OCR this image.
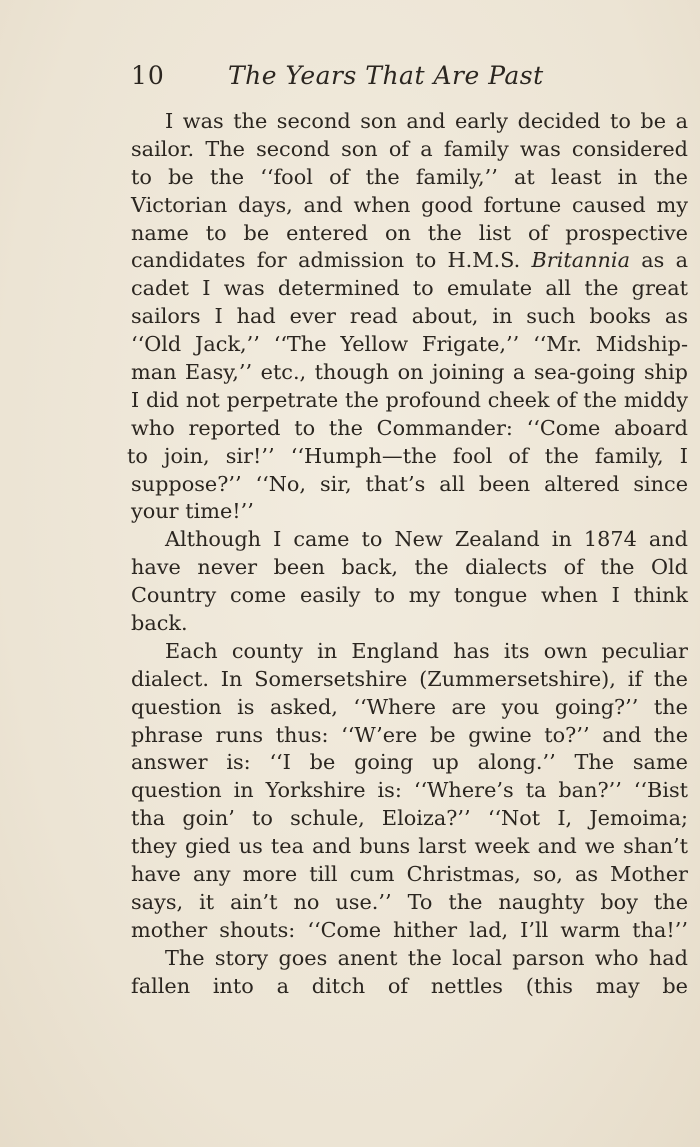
10	The Years That Are Past
I was the second son and early decided to be a
sailor. The second son of a family was considered
to be the ‘‘fool of the family,’’ at least in the
Victorian days, and when good fortune caused my
name to be entered on the list of prospective
candidates for admission to H.M.S. Britannia as a
cadet I was determined to emulate all the great
sailors I had ever read about, in such books as
‘‘Old Jack,’’ ‘‘The Yellow Frigate,’’ ‘‘Mr. Midship-
man Easy,’’ etc., though on joining a sea-going ship
I did not perpetrate the profound cheek of the middy
who reported to the Commander: ‘‘Come aboard
to join, sir!’’ ‘‘Humph—the fool of the family, I
suppose?’’ ‘‘No, sir, that’s all been altered since
your time!’’
Although I came to New Zealand in 1874 and
have never been back, the dialects of the Old
Country come easily to my tongue when I think
back.
Each county in England has its own peculiar
dialect. In Somersetshire (Zummersetshire), if the
question is asked, ‘‘Where are you going?’’ the
phrase runs thus: ‘‘W’ere be gwine to?’’ and the
answer is: ‘‘I be going up along.’’ The same
question in Yorkshire is: ‘‘Where’s ta ban?’’ ‘‘Bist
tha goin’ to schule, Eloiza?’’ ‘‘Not I, Jemoima;
they gied us tea and buns larst week and we shan’t
have any more till cum Christmas, so, as Mother
says, it ain’t no use.’’ To the naughty boy the
mother shouts: ‘‘Come hither lad, I’ll warm tha!’’
The story goes anent the local parson who had
fallen into a ditch of nettles (this may be
